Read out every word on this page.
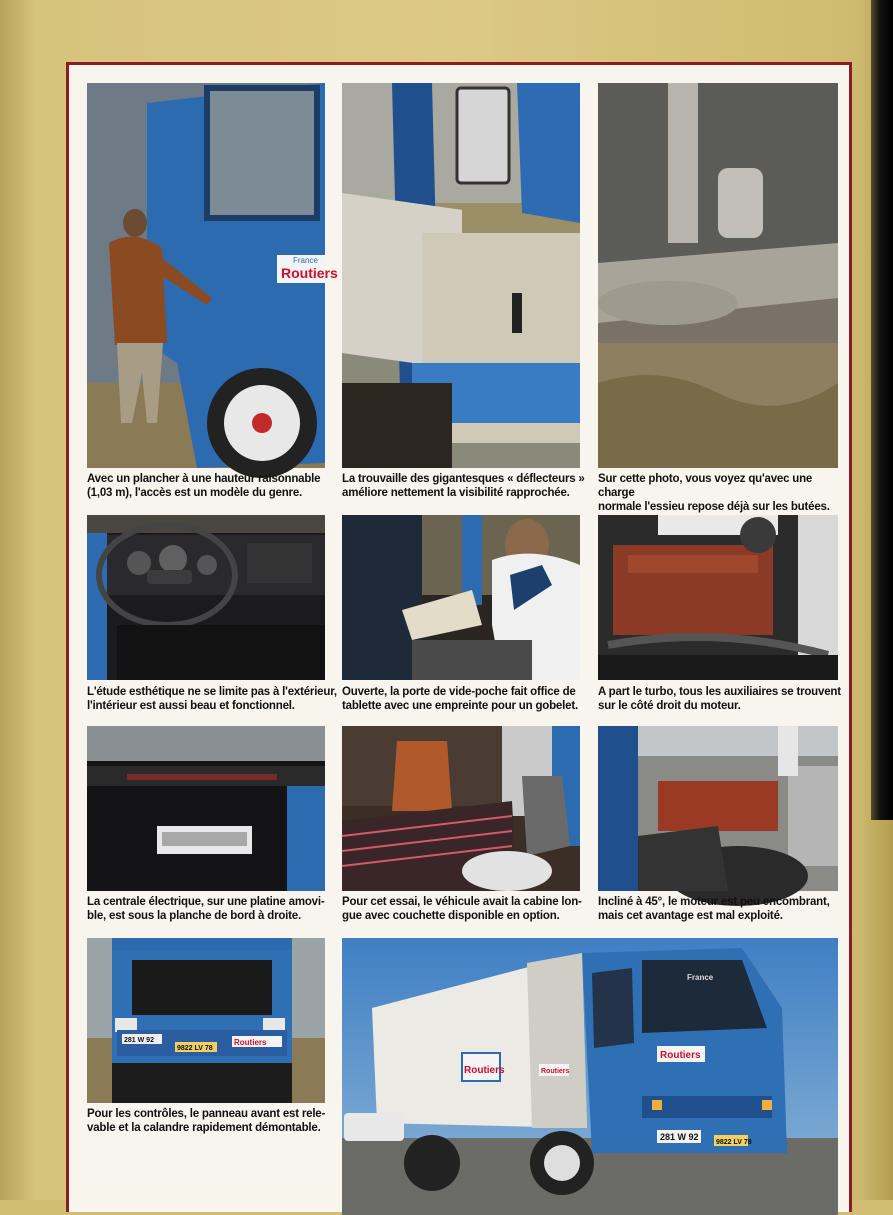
Routiers
France
Avec un plancher à une hauteur raisonnable
(1,03 m), l'accès est un modèle du genre.
La trouvaille des gigantesques « déflecteurs »
améliore nettement la visibilité rapprochée.
Sur cette photo, vous voyez qu'avec une charge
normale l'essieu repose déjà sur les butées.
L'étude esthétique ne se limite pas à l'extérieur,
l'intérieur est aussi beau et fonctionnel.
Ouverte, la porte de vide-poche fait office de
tablette avec une empreinte pour un gobelet.
A part le turbo, tous les auxiliaires se trouvent
sur le côté droit du moteur.
La centrale électrique, sur une platine amovi-
ble, est sous la planche de bord à droite.
Pour cet essai, le véhicule avait la cabine lon-
gue avec couchette disponible en option.
Incliné à 45°, le moteur est peu encombrant,
mais cet avantage est mal exploité.
281 W 92
9822 LV 78
Routiers
Pour les contrôles, le panneau avant est rele-
vable et la calandre rapidement démontable.
Routiers
Routiers
Routiers
France
281 W 92
9822 LV 78
